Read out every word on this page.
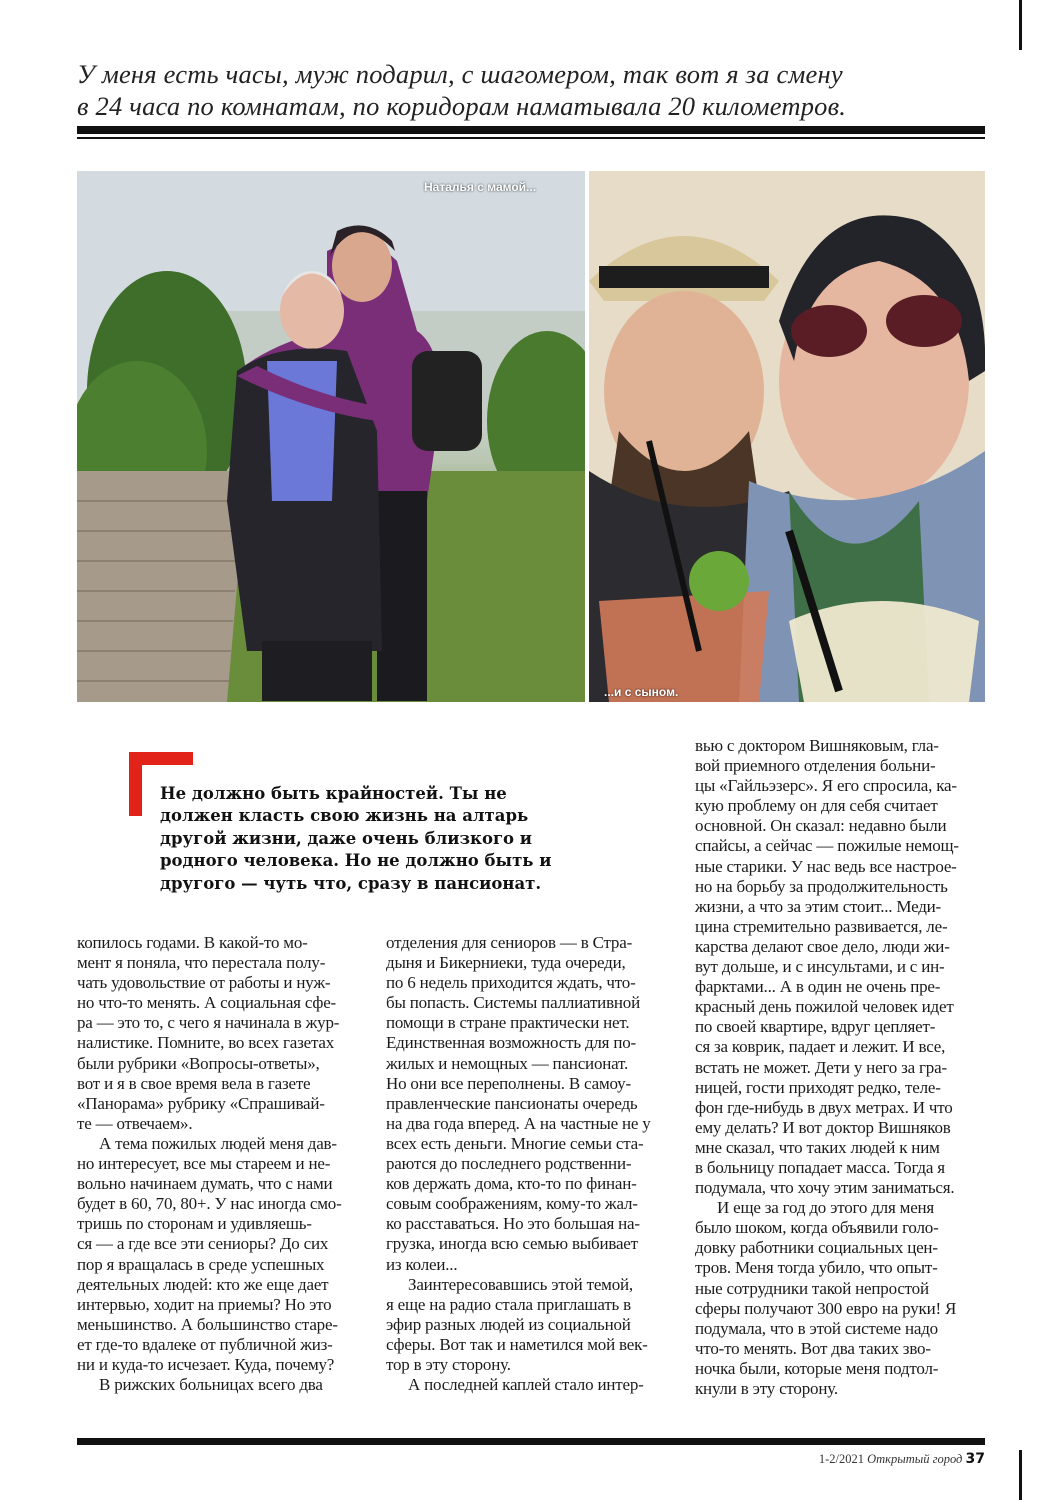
У меня есть часы, муж подарил, с шагомером, так вот я за смену

в 24 часа по комнатам, по коридорам наматывала 20 километров.

Наталья с мамой...
...и с сыном.

Не должно быть крайностей. Ты не

должен класть свою жизнь на алтарь

другой жизни, даже очень близкого и

родного человека. Но не должно быть и

другого — чуть что, сразу в пансионат.

копилось годами. В какой-то мо-

мент я поняла, что перестала полу-

чать удовольствие от работы и нуж-

но что-то менять. А социальная сфе-

ра — это то, с чего я начинала в жур-

налистике. Помните, во всех газетах

были рубрики «Вопросы-ответы»,

вот и я в свое время вела в газете

«Панорама» рубрику «Спрашивай-

те — отвечаем».

А тема пожилых людей меня дав-

но интересует, все мы стареем и не-

вольно начинаем думать, что с нами

будет в 60, 70, 80+. У нас иногда смо-

тришь по сторонам и удивляешь-

ся — а где все эти сениоры? До сих

пор я вращалась в среде успешных

деятельных людей: кто же еще дает

интервью, ходит на приемы? Но это

меньшинство. А большинство старе-

ет где-то вдалеке от публичной жиз-

ни и куда-то исчезает. Куда, почему?

В рижских больницах всего два

отделения для сениоров — в Стра-

дыня и Бикерниеки, туда очереди,

по 6 недель приходится ждать, что-

бы попасть. Системы паллиативной

помощи в стране практически нет.

Единственная возможность для по-

жилых и немощных — пансионат.

Но они все переполнены. В самоу-

правленческие пансионаты очередь

на два года вперед. А на частные не у

всех есть деньги. Многие семьи ста-

раются до последнего родственни-

ков держать дома, кто-то по финан-

совым соображениям, кому-то жал-

ко расставаться. Но это большая на-

грузка, иногда всю семью выбивает

из колеи...

Заинтересовавшись этой темой,

я еще на радио стала приглашать в

эфир разных людей из социальной

сферы. Вот так и наметился мой век-

тор в эту сторону.

А последней каплей стало интер-

вью с доктором Вишняковым, гла-

вой приемного отделения больни-

цы «Гайльэзерс». Я его спросила, ка-

кую проблему он для себя считает

основной. Он сказал: недавно были

спайсы, а сейчас — пожилые немощ-

ные старики. У нас ведь все настрое-

но на борьбу за продолжительность

жизни, а что за этим стоит... Меди-

цина стремительно развивается, ле-

карства делают свое дело, люди жи-

вут дольше, и с инсультами, и с ин-

фарктами... А в один не очень пре-

красный день пожилой человек идет

по своей квартире, вдруг цепляет-

ся за коврик, падает и лежит. И все,

встать не может. Дети у него за гра-

ницей, гости приходят редко, теле-

фон где-нибудь в двух метрах. И что

ему делать? И вот доктор Вишняков

мне сказал, что таких людей к ним

в больницу попадает масса. Тогда я

подумала, что хочу этим заниматься.

И еще за год до этого для меня

было шоком, когда объявили голо-

довку работники социальных цен-

тров. Меня тогда убило, что опыт-

ные сотрудники такой непростой

сферы получают 300 евро на руки! Я

подумала, что в этой системе надо

что-то менять. Вот два таких зво-

ночка были, которые меня подтол-

кнули в эту сторону.

1-2/2021 Открытый город 37
